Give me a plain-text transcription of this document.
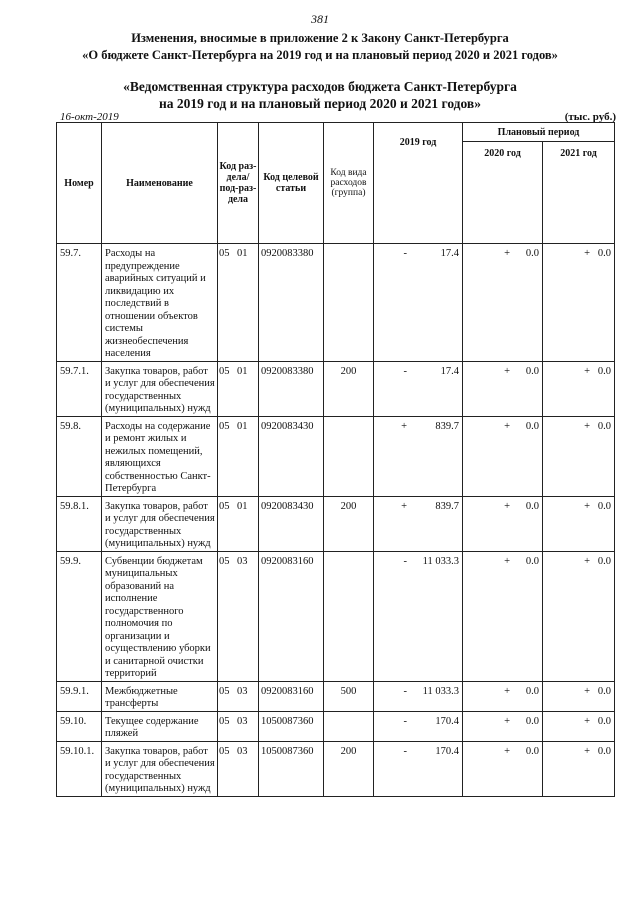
381
Изменения, вносимые в приложение 2 к Закону Санкт-Петербурга
«О бюджете Санкт-Петербурга на 2019 год и на плановый период 2020 и 2021 годов»
«Ведомственная структура расходов бюджета Санкт-Петербурга
на 2019 год и на плановый период 2020 и 2021 годов»
16-окт-2019	(тыс. руб.)
Номер	Наименование	Код раз-дела/ под-раз-дела	Код целевой статьи	Код вида расходов (группа)	2019 год	Плановый период	
						2020 год	2021 год
59.7.	Расходы на предупреждение аварийных ситуаций и ликвидацию их последствий в отношении объектов системы жизнеобеспечения населения	05 01	0920083380		- 17.4	+ 0.0	+ 0.0

59.7.1.	Закупка товаров, работ и услуг для обеспечения государственных (муниципальных) нужд	05 01	0920083380	200	- 17.4	+ 0.0	+ 0.0

59.8.	Расходы на содержание и ремонт жилых и нежилых помещений, являющихся собственностью Санкт-Петербурга	05 01	0920083430		+ 839.7	+ 0.0	+ 0.0

59.8.1.	Закупка товаров, работ и услуг для обеспечения государственных (муниципальных) нужд	05 01	0920083430	200	+ 839.7	+ 0.0	+ 0.0

59.9.	Субвенции бюджетам муниципальных образований на исполнение государственного полномочия по организации и осуществлению уборки и санитарной очистки территорий	05 03	0920083160		- 11 033.3	+ 0.0	+ 0.0

59.9.1.	Межбюджетные трансферты	05 03	0920083160	500	- 11 033.3	+ 0.0	+ 0.0

59.10.	Текущее содержание пляжей	05 03	1050087360		- 170.4	+ 0.0	+ 0.0

59.10.1.	Закупка товаров, работ и услуг для обеспечения государственных (муниципальных) нужд	05 03	1050087360	200	- 170.4	+ 0.0	+ 0.0
